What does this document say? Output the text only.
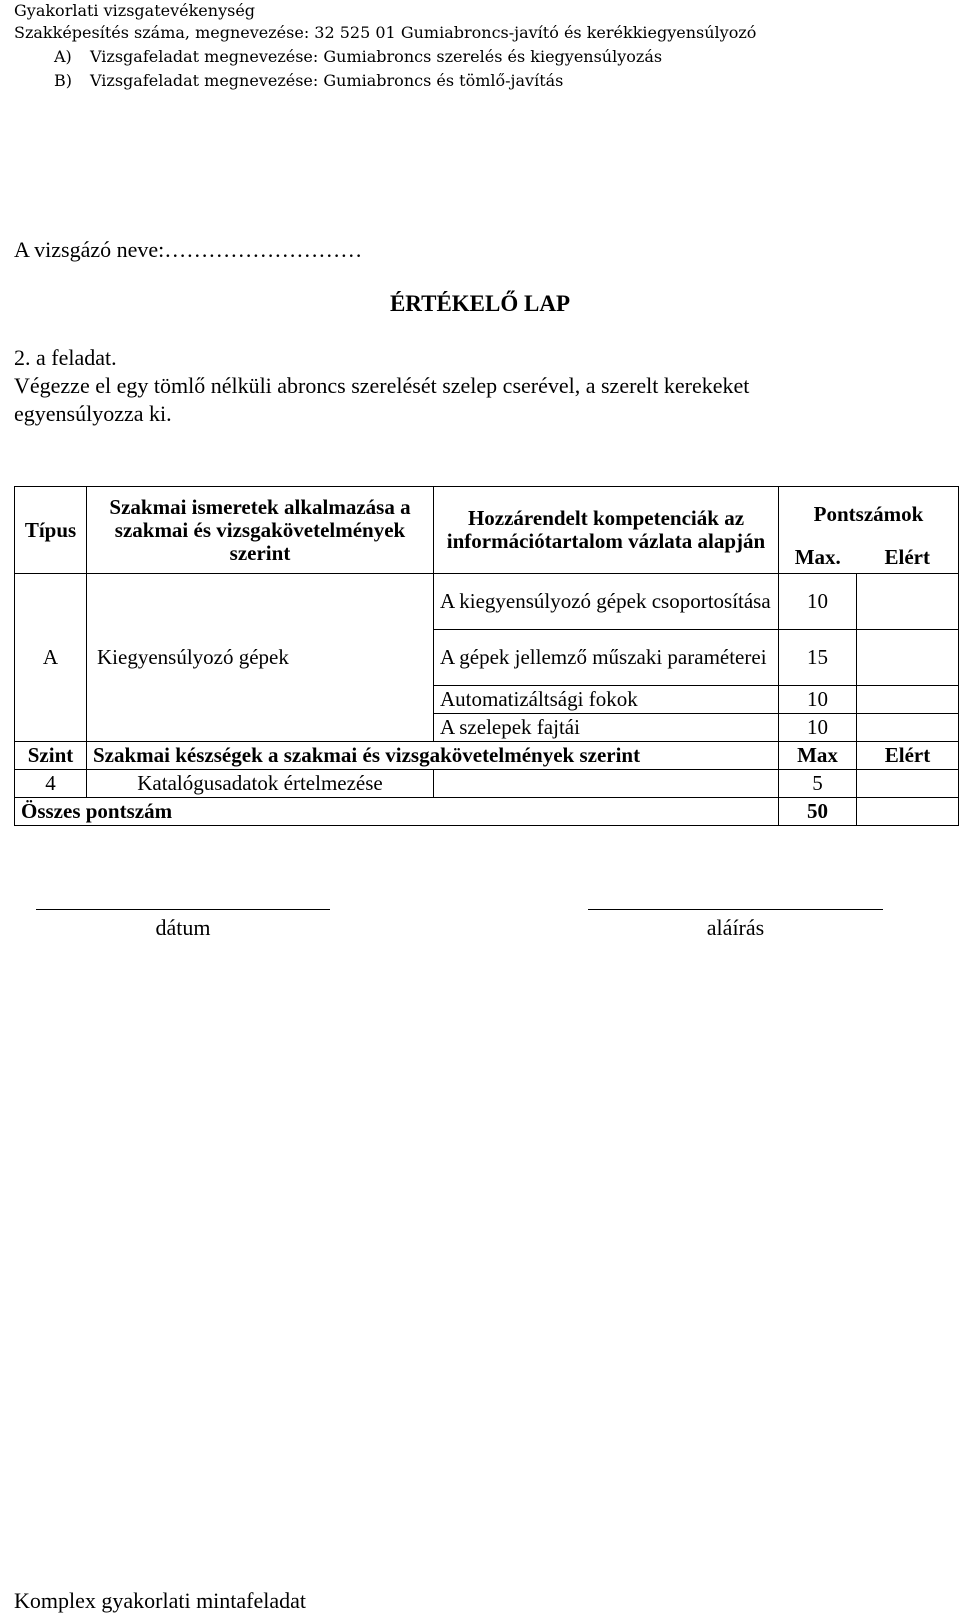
Gyakorlati vizsgatevékenység
Szakképesítés száma, megnevezése: 32 525 01 Gumiabroncs-javító és kerékkiegyensúlyozó
A) Vizsgafeladat megnevezése: Gumiabroncs szerelés és kiegyensúlyozás
B) Vizsgafeladat megnevezése: Gumiabroncs és tömlő-javítás
A vizsgázó neve:………………………
ÉRTÉKELŐ LAP
2. a feladat.
Végezze el egy tömlő nélküli abroncs szerelését szelep cserével, a szerelt kerekeket
egyensúlyozza ki.
Típus	Szakmai ismeretek alkalmazása a szakmai és vizsgakövetelmények szerint	Hozzárendelt kompetenciák az információtartalom vázlata alapján	Pontszámok	
			Max.	Elért
A	Kiegyensúlyozó gépek	A kiegyensúlyozó gépek csoportosítása	10	
		A gépek jellemző műszaki paraméterei	15	
		Automatizáltsági fokok	10	
		A szelepek fajtái	10	
Szint	Szakmai készségek a szakmai és vizsgakövetelmények szerint		Max	Elért
4	Katalógusadatok értelmezése		5	
Összes pontszám			50	
dátum	aláírás
Komplex gyakorlati mintafeladat
